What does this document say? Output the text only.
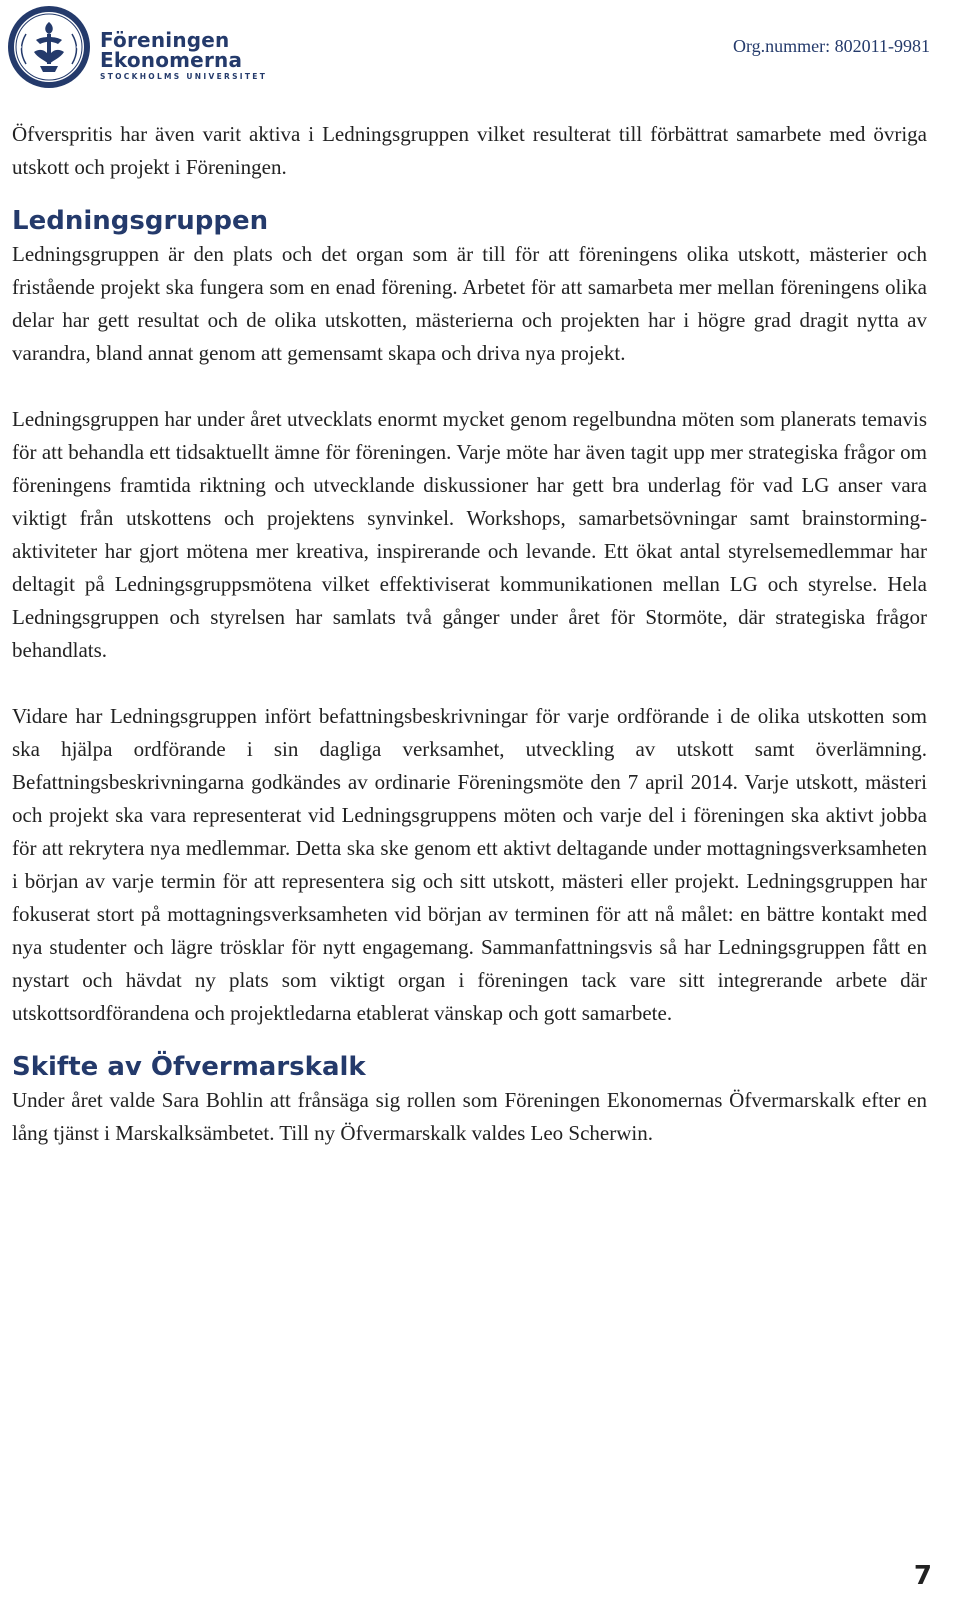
Föreningen
Ekonomerna
STOCKHOLMS UNIVERSITET
Org.nummer: 802011-9981

Öfverspritis har även varit aktiva i Ledningsgruppen vilket resulterat till förbättrat samarbete med övriga utskott och projekt i Föreningen.

Ledningsgruppen

Ledningsgruppen är den plats och det organ som är till för att föreningens olika utskott, mästerier och fristående projekt ska fungera som en enad förening. Arbetet för att samarbeta mer mellan föreningens olika delar har gett resultat och de olika utskotten, mästerierna och projekten har i högre grad dragit nytta av varandra, bland annat genom att gemensamt skapa och driva nya projekt.

Ledningsgruppen har under året utvecklats enormt mycket genom regelbundna möten som planerats temavis för att behandla ett tidsaktuellt ämne för föreningen. Varje möte har även tagit upp mer strategiska frågor om föreningens framtida riktning och utvecklande diskussioner har gett bra underlag för vad LG anser vara viktigt från utskottens och projektens synvinkel. Workshops, samarbetsövningar samt brainstorming-aktiviteter har gjort mötena mer kreativa, inspirerande och levande. Ett ökat antal styrelsemedlemmar har deltagit på Ledningsgruppsmötena vilket effektiviserat kommunikationen mellan LG och styrelse. Hela Ledningsgruppen och styrelsen har samlats två gånger under året för Stormöte, där strategiska frågor behandlats.

Vidare har Ledningsgruppen infört befattningsbeskrivningar för varje ordförande i de olika utskotten som ska hjälpa ordförande i sin dagliga verksamhet, utveckling av utskott samt överlämning. Befattningsbeskrivningarna godkändes av ordinarie Föreningsmöte den 7 april 2014. Varje utskott, mästeri och projekt ska vara representerat vid Ledningsgruppens möten och varje del i föreningen ska aktivt jobba för att rekrytera nya medlemmar. Detta ska ske genom ett aktivt deltagande under mottagningsverksamheten i början av varje termin för att representera sig och sitt utskott, mästeri eller projekt. Ledningsgruppen har fokuserat stort på mottagningsverksamheten vid början av terminen för att nå målet: en bättre kontakt med nya studenter och lägre trösklar för nytt engagemang. Sammanfattningsvis så har Ledningsgruppen fått en nystart och hävdat ny plats som viktigt organ i föreningen tack vare sitt integrerande arbete där utskottsordförandena och projektledarna etablerat vänskap och gott samarbete.

Skifte av Öfvermarskalk

Under året valde Sara Bohlin att frånsäga sig rollen som Föreningen Ekonomernas Öfvermarskalk efter en lång tjänst i Marskalksämbetet. Till ny Öfvermarskalk valdes Leo Scherwin.

7
